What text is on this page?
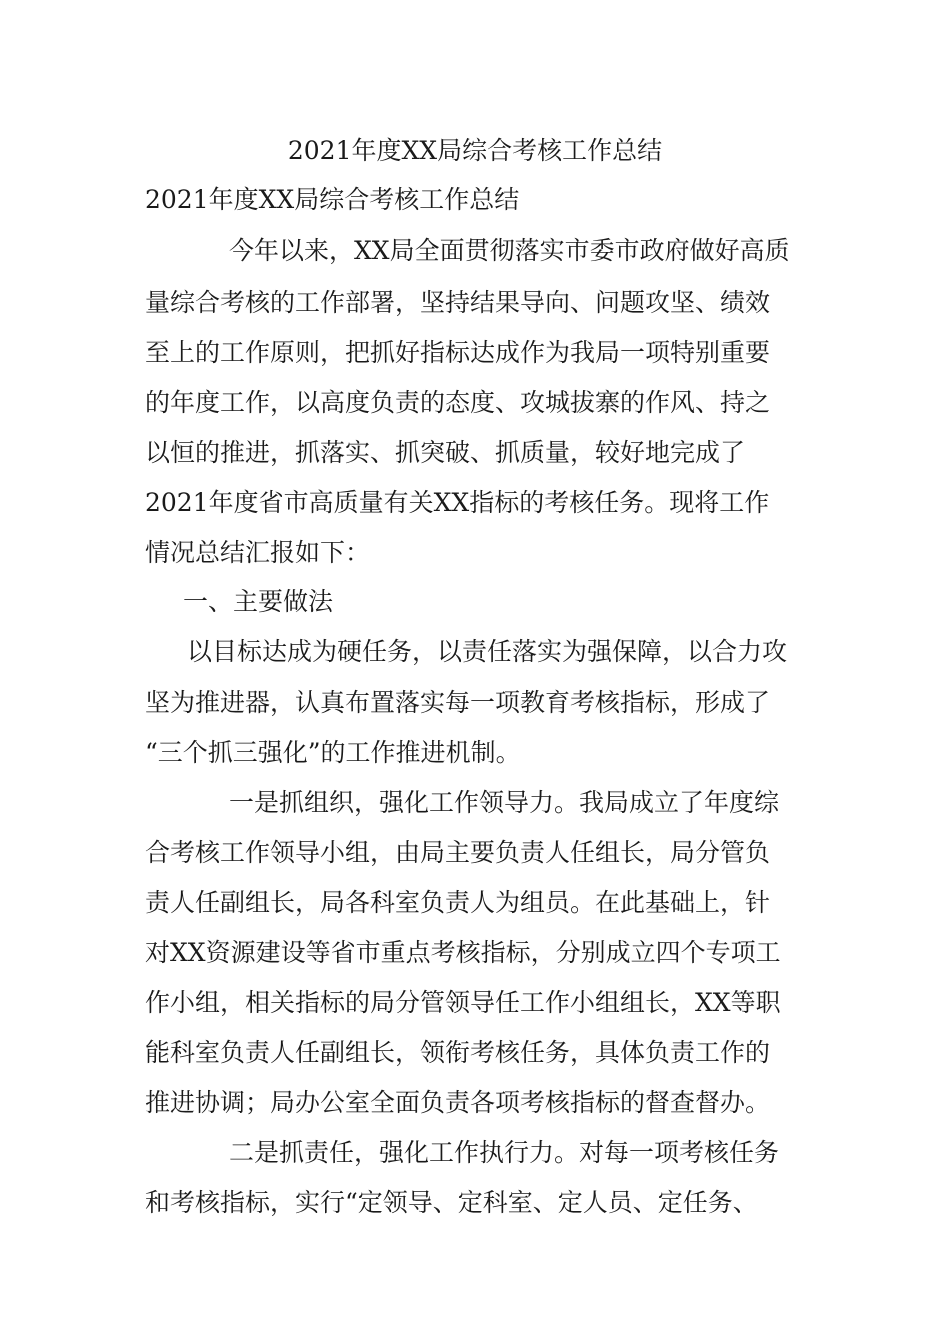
2021年度XX局综合考核工作总结
2021年度XX局综合考核工作总结
今年以来，XX局全面贯彻落实市委市政府做好高质
量综合考核的工作部署，坚持结果导向、问题攻坚、绩效
至上的工作原则，把抓好指标达成作为我局一项特别重要
的年度工作，以高度负责的态度、攻城拔寨的作风、持之
以恒的推进，抓落实、抓突破、抓质量，较好地完成了
2021年度省市高质量有关XX指标的考核任务。现将工作
情况总结汇报如下：
一、主要做法
以目标达成为硬任务，以责任落实为强保障，以合力攻
坚为推进器，认真布置落实每一项教育考核指标，形成了
“三个抓三强化”的工作推进机制。
一是抓组织，强化工作领导力。我局成立了年度综
合考核工作领导小组，由局主要负责人任组长，局分管负
责人任副组长，局各科室负责人为组员。在此基础上，针
对XX资源建设等省市重点考核指标，分别成立四个专项工
作小组，相关指标的局分管领导任工作小组组长，XX等职
能科室负责人任副组长，领衔考核任务，具体负责工作的
推进协调；局办公室全面负责各项考核指标的督查督办。
二是抓责任，强化工作执行力。对每一项考核任务
和考核指标，实行“定领导、定科室、定人员、定任务、
